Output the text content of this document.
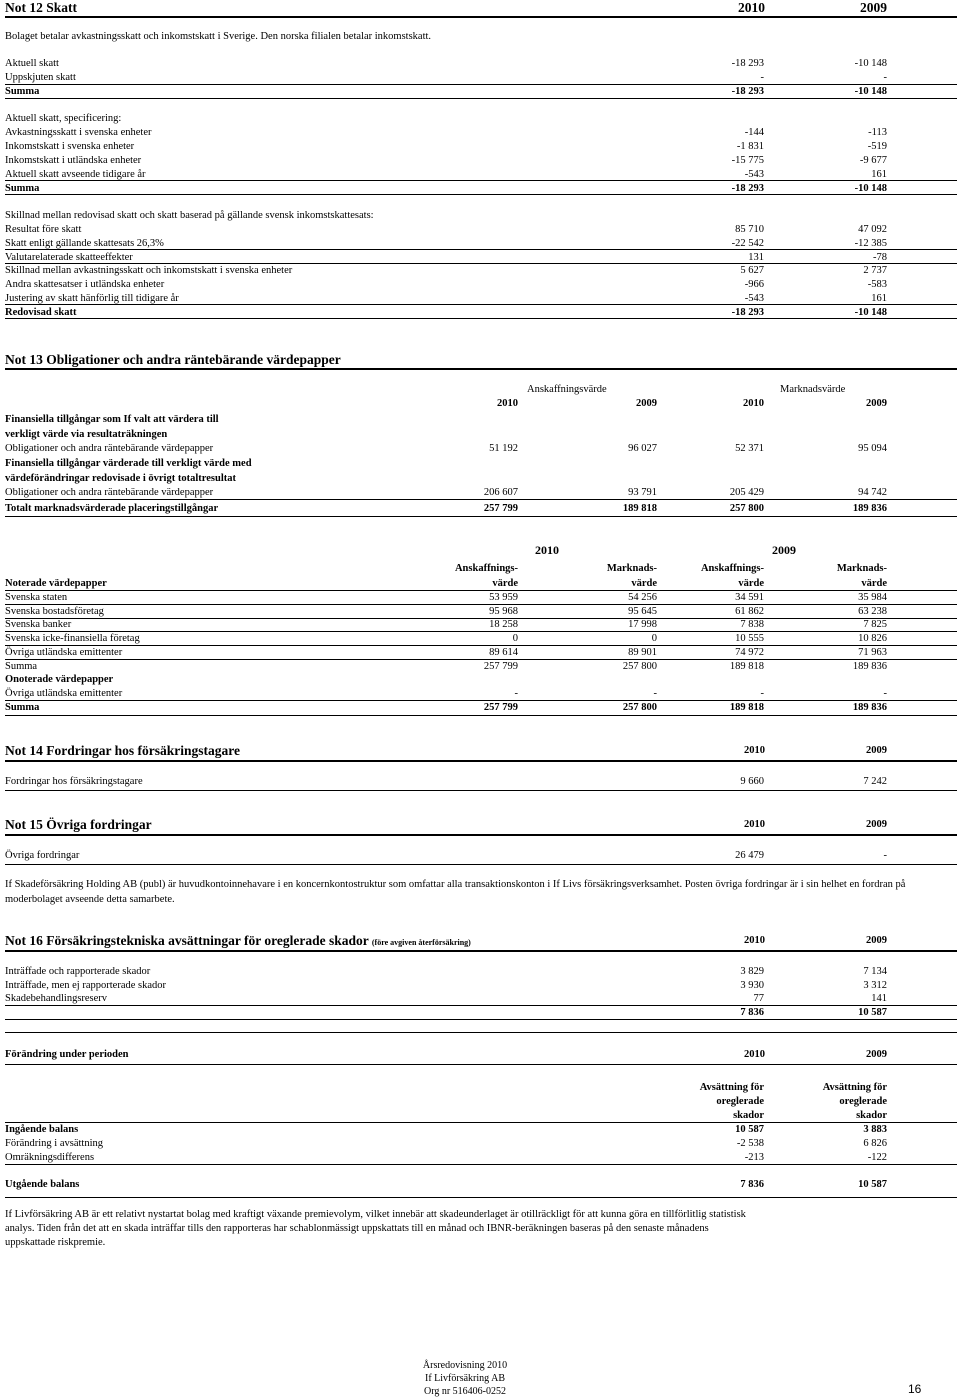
Not 12 Skatt	2010	2009
Bolaget betalar avkastningsskatt och inkomstskatt i Sverige. Den norska filialen betalar inkomstskatt.
Aktuell skatt	-18 293	-10 148
Uppskjuten skatt	-	-
Summa	-18 293	-10 148
Aktuell skatt, specificering:
Avkastningsskatt i svenska enheter	-144	-113
Inkomstskatt i svenska enheter	-1 831	-519
Inkomstskatt i utländska enheter	-15 775	-9 677
Aktuell skatt avseende tidigare år	-543	161
Summa	-18 293	-10 148
Skillnad mellan redovisad skatt och skatt baserad på gällande svensk inkomstskattesats:
Resultat före skatt	85 710	47 092
Skatt enligt gällande skattesats 26,3%	-22 542	-12 385
Valutarelaterade skatteeffekter	131	-78
Skillnad mellan avkastningsskatt och inkomstskatt i svenska enheter	5 627	2 737
Andra skattesatser i utländska enheter	-966	-583
Justering av skatt hänförlig till tidigare år	-543	161
Redovisad skatt	-18 293	-10 148
Not 13 Obligationer och andra räntebärande värdepapper
Anskaffningsvärde	Marknadsvärde
2010	2009	2010	2009
Finansiella tillgångar som If valt att värdera till
verkligt värde via resultaträkningen
Obligationer och andra räntebärande värdepapper	51 192	96 027	52 371	95 094
Finansiella tillgångar värderade till verkligt värde med
värdeförändringar redovisade i övrigt totaltresultat
Obligationer och andra räntebärande värdepapper	206 607	93 791	205 429	94 742
Totalt marknadsvärderade placeringstillgångar	257 799	189 818	257 800	189 836
2010	2009
Anskaffnings-	Marknads-	Anskaffnings-	Marknads-
värde	värde	värde	värde
Noterade värdepapper
Svenska staten	53 959	54 256	34 591	35 984
Svenska bostadsföretag	95 968	95 645	61 862	63 238
Svenska banker	18 258	17 998	7 838	7 825
Svenska icke-finansiella företag	0	0	10 555	10 826
Övriga utländska emittenter	89 614	89 901	74 972	71 963
Summa	257 799	257 800	189 818	189 836
Onoterade värdepapper
Övriga utländska emittenter	-	-	-	-
Summa	257 799	257 800	189 818	189 836
Not 14 Fordringar hos försäkringstagare	2010	2009
Fordringar hos försäkringstagare	9 660	7 242
Not 15 Övriga fordringar	2010	2009
Övriga fordringar	26 479	-
If Skadeförsäkring Holding AB (publ) är huvudkontoinnehavare i en koncernkontostruktur som omfattar alla transaktionskonton i If Livs försäkringsverksamhet. Posten övriga fordringar är i sin helhet en fordran på
moderbolaget avseende detta samarbete.
Not 16 Försäkringstekniska avsättningar för oreglerade skador (före avgiven återförsäkring)	2010	2009
Inträffade och rapporterade skador	3 829	7 134
Inträffade, men ej rapporterade skador	3 930	3 312
Skadebehandlingsreserv	77	141
7 836	10 587
Förändring under perioden	2010	2009
Avsättning för	Avsättning för
oreglerade	oreglerade
skador	skador
Ingående balans	10 587	3 883
Förändring i avsättning	-2 538	6 826
Omräkningsdifferens	-213	-122
Utgående balans	7 836	10 587
If Livförsäkring AB är ett relativt nystartat bolag med kraftigt växande premievolym, vilket innebär att skadeunderlaget är otillräckligt för att kunna göra en tillförlitlig statistisk
analys. Tiden från det att en skada inträffar tills den rapporteras har schablonmässigt uppskattats till en månad och IBNR-beräkningen baseras på den senaste månadens
uppskattade riskpremie.
Årsredovisning 2010
If Livförsäkring AB
Org nr 516406-0252	16
